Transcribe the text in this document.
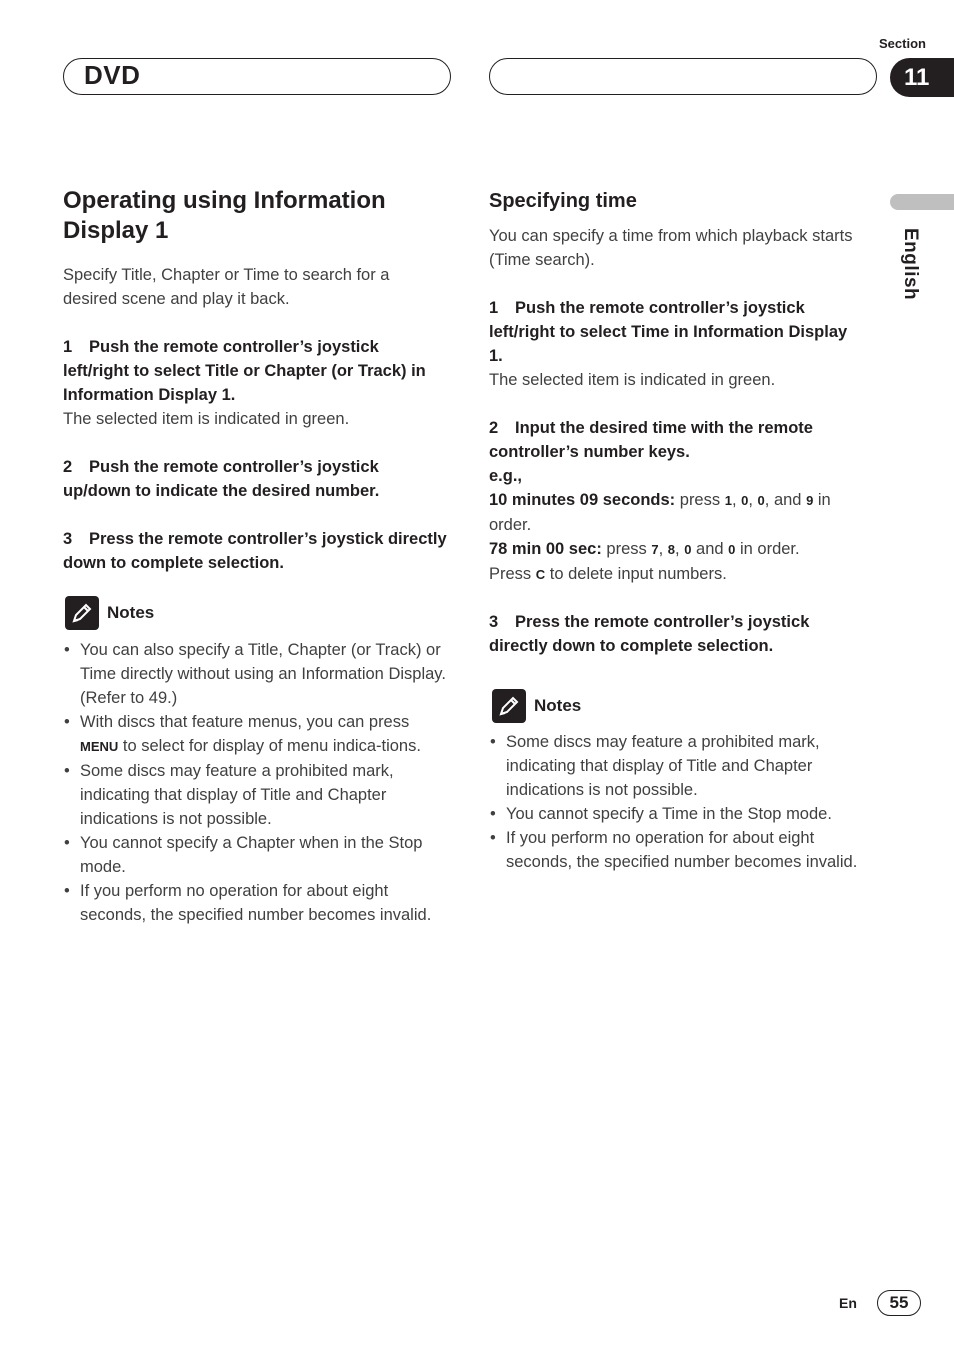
DVD
Section
11
English
Operating using Information Display 1

Specify Title, Chapter or Time to search for a desired scene and play it back.

1 Push the remote controller’s joystick left/right to select Title or Chapter (or Track) in Information Display 1.

The selected item is indicated in green.

2 Push the remote controller’s joystick up/down to indicate the desired number.

3 Press the remote controller’s joystick directly down to complete selection.

Notes
• You can also specify a Title, Chapter (or Track) or Time directly without using an Information Display. (Refer to 49.)
• With discs that feature menus, you can press MENU to select for display of menu indica-tions.
• Some discs may feature a prohibited mark, indicating that display of Title and Chapter indications is not possible.
• You cannot specify a Chapter when in the Stop mode.
• If you perform no operation for about eight seconds, the specified number becomes invalid.
Specifying time

You can specify a time from which playback starts (Time search).

1 Push the remote controller’s joystick left/right to select Time in Information Display 1.

The selected item is indicated in green.

2 Input the desired time with the remote controller’s number keys.

e.g.,

10 minutes 09 seconds: press 1, 0, 0, and 9 in order.

78 min 00 sec: press 7, 8, 0 and 0 in order.

Press C to delete input numbers.

3 Press the remote controller’s joystick directly down to complete selection.

Notes
• Some discs may feature a prohibited mark, indicating that display of Title and Chapter indications is not possible.
• You cannot specify a Time in the Stop mode.
• If you perform no operation for about eight seconds, the specified number becomes invalid.
En	55
